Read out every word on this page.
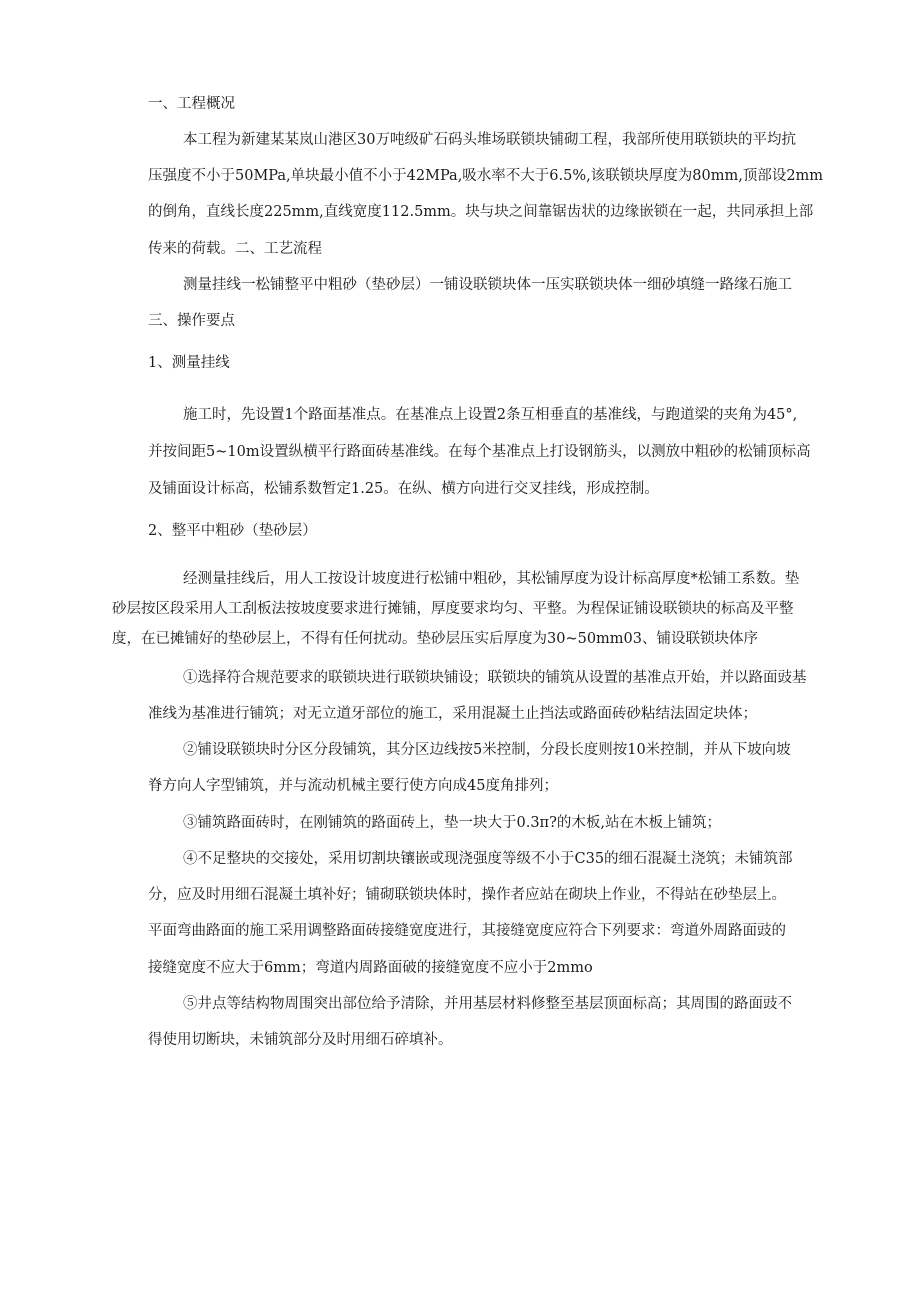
一、工程概况
本工程为新建某某岚山港区30万吨级矿石码头堆场联锁块铺砌工程，我部所使用联锁块的平均抗
压强度不小于50MPa,单块最小值不小于42MPa,吸水率不大于6.5%,该联锁块厚度为80mm,顶部设2mm
的倒角，直线长度225mm,直线宽度112.5mm。块与块之间靠锯齿状的边缘嵌锁在一起，共同承担上部
传来的荷载。二、工艺流程
测量挂线一松铺整平中粗砂（垫砂层）一铺设联锁块体一压实联锁块体一细砂填缝一路缘石施工
三、操作要点
1、测量挂线
施工时，先设置1个路面基准点。在基准点上设置2条互相垂直的基准线，与跑道梁的夹角为45°,
并按间距5~10m设置纵横平行路面砖基准线。在每个基准点上打设钢筋头，以测放中粗砂的松铺顶标高
及铺面设计标高，松铺系数暂定1.25。在纵、横方向进行交叉挂线，形成控制。
2、整平中粗砂（垫砂层）
经测量挂线后，用人工按设计坡度进行松铺中粗砂，其松铺厚度为设计标高厚度*松铺工系数。垫
砂层按区段采用人工刮板法按坡度要求进行摊铺，厚度要求均匀、平整。为程保证铺设联锁块的标高及平整
度，在已摊铺好的垫砂层上，不得有任何扰动。垫砂层压实后厚度为30~50mm03、铺设联锁块体序
①选择符合规范要求的联锁块进行联锁块铺设；联锁块的铺筑从设置的基准点开始，并以路面豉基
准线为基准进行铺筑；对无立道牙部位的施工，采用混凝土止挡法或路面砖砂粘结法固定块体；
②铺设联锁块时分区分段铺筑，其分区边线按5米控制，分段长度则按10米控制，并从下坡向坡
脊方向人字型铺筑，并与流动机械主要行使方向成45度角排列；
③铺筑路面砖时，在刚铺筑的路面砖上，垫一块大于0.3π?的木板,站在木板上铺筑；
④不足整块的交接处，采用切割块镶嵌或现浇强度等级不小于C35的细石混凝土浇筑；未铺筑部
分，应及时用细石混凝土填补好；铺砌联锁块体时，操作者应站在砌块上作业，不得站在砂垫层上。
平面弯曲路面的施工采用调整路面砖接缝宽度进行，其接缝宽度应符合下列要求：弯道外周路面豉的
接缝宽度不应大于6mm；弯道内周路面破的接缝宽度不应小于2mmo
⑤井点等结构物周围突出部位给予清除，并用基层材料修整至基层顶面标高；其周围的路面豉不
得使用切断块，未铺筑部分及时用细石碎填补。
